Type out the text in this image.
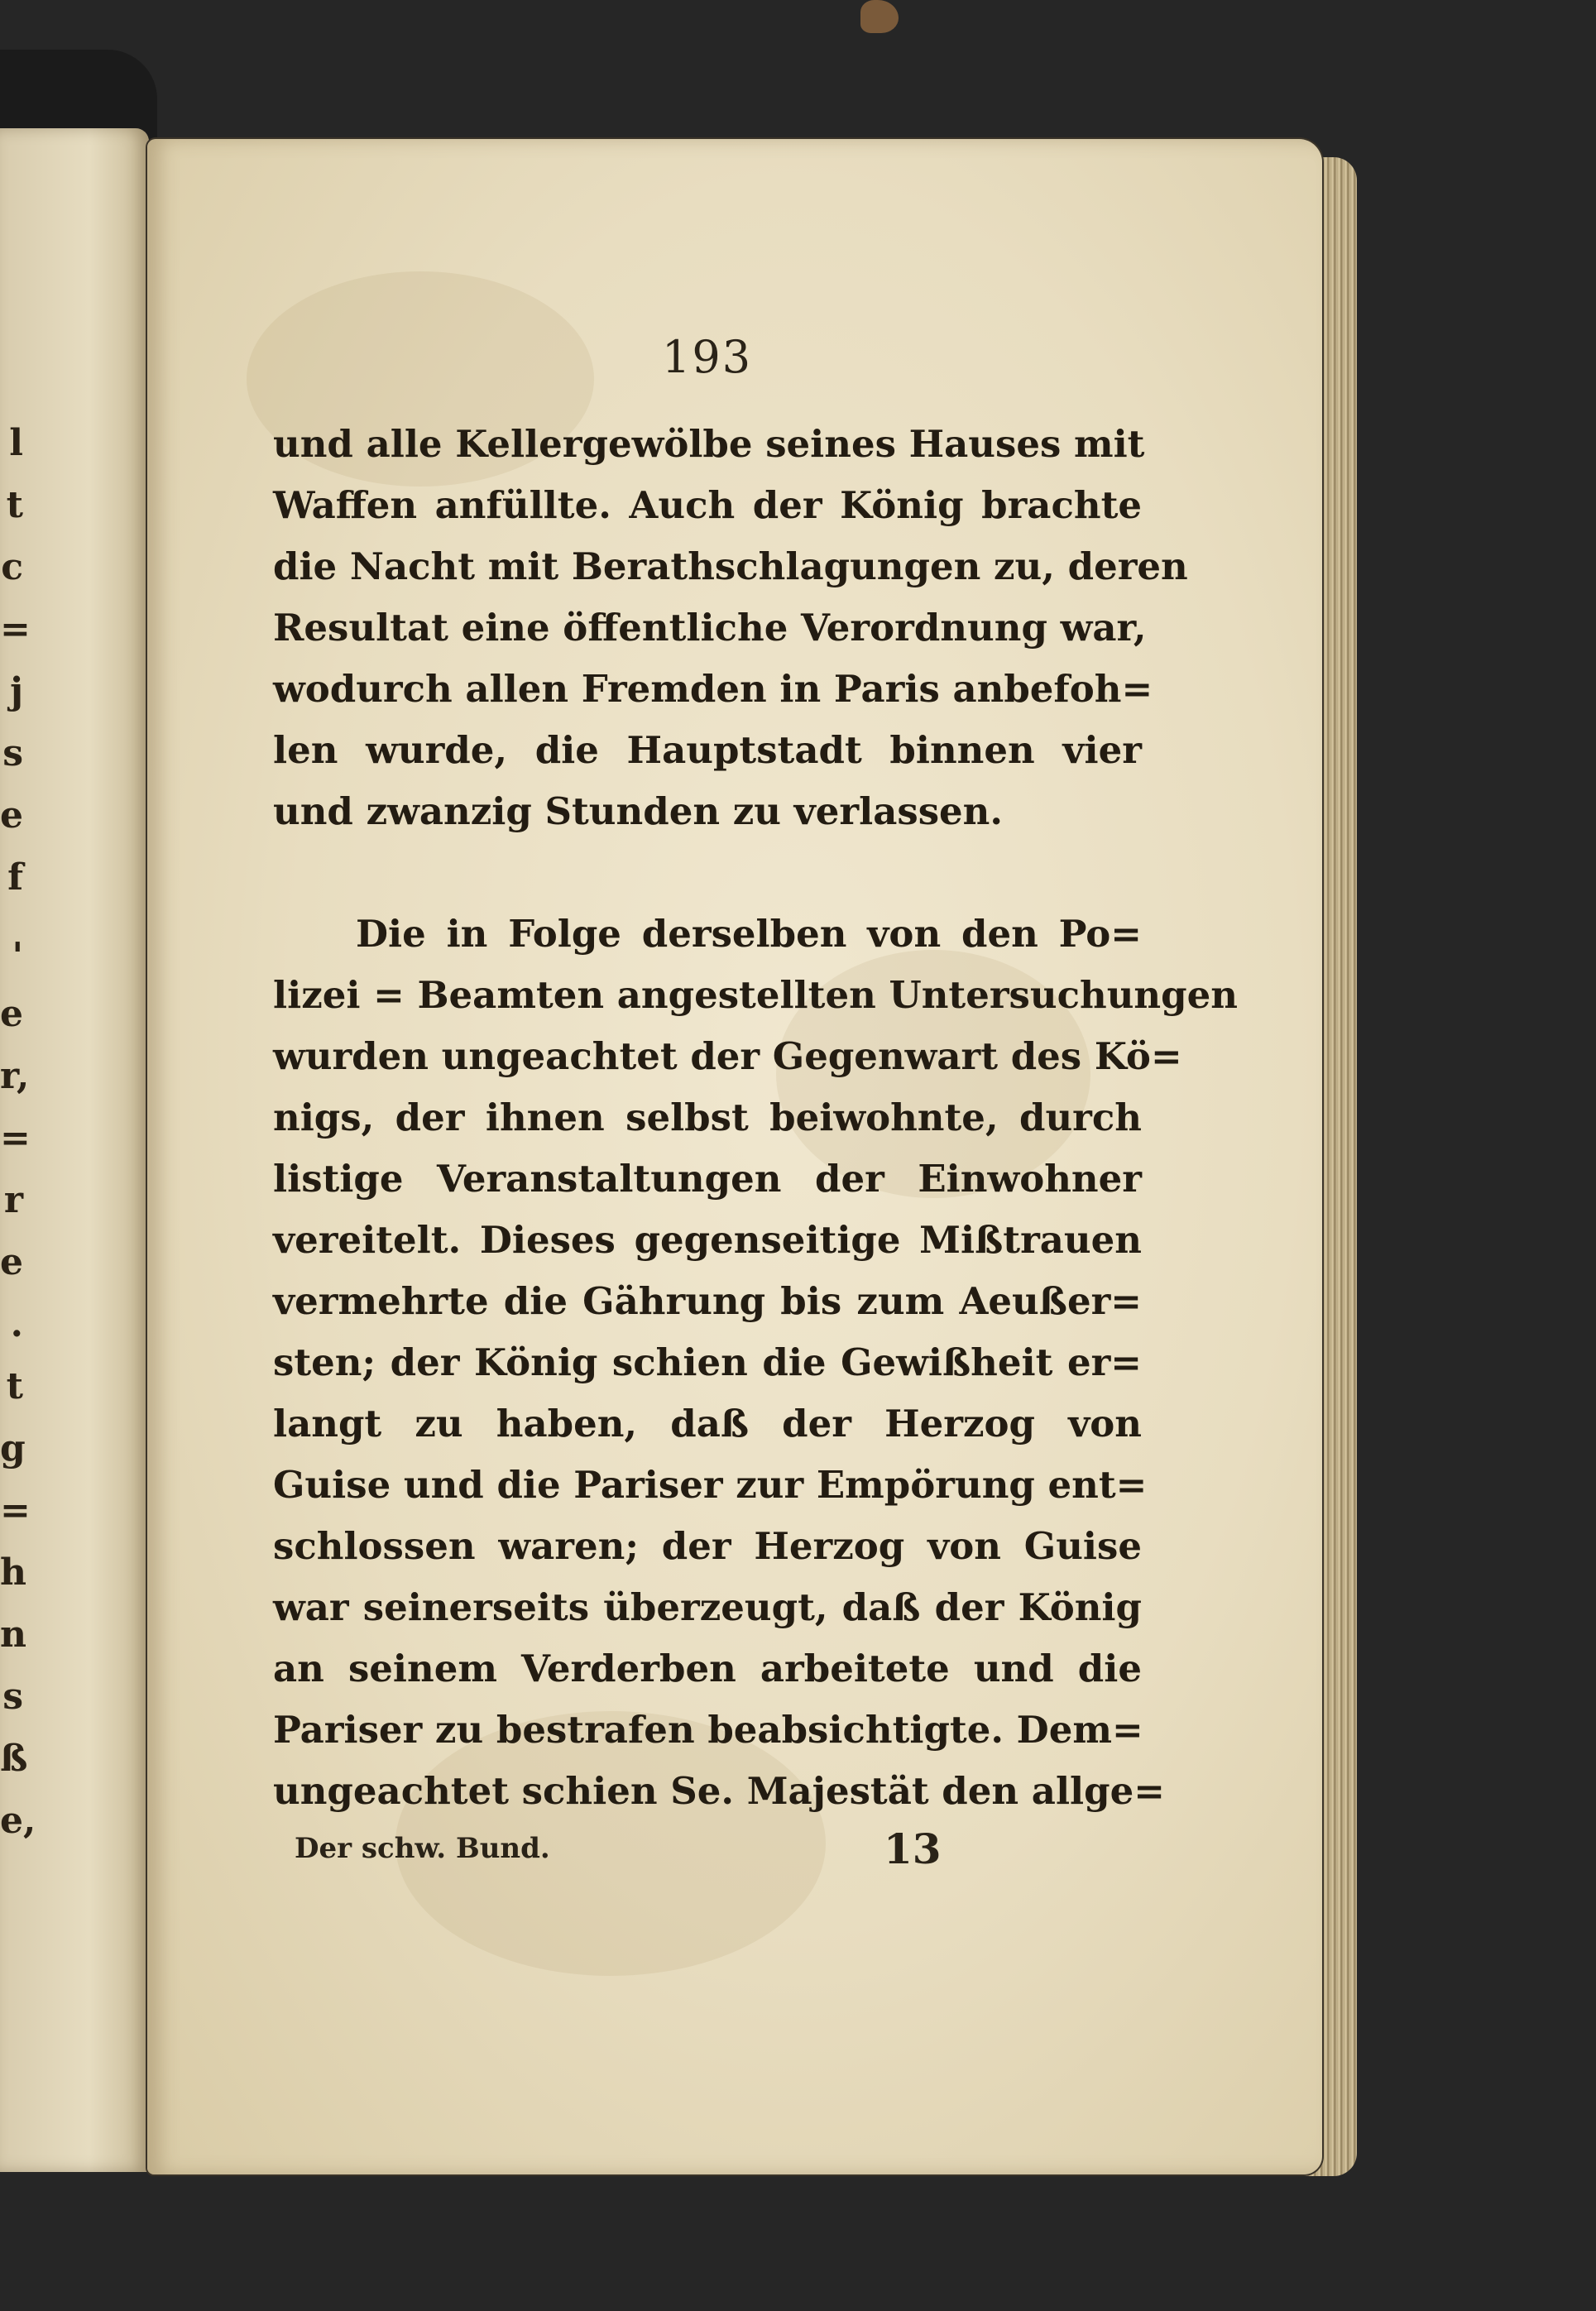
l
t
c
=
j
s
e
f
'
e
r,
=
r
e
.
t
g
=
h
n
s
ß
e,
193
und alle Kellergewölbe seines Hauses mit
Waffen anfüllte. Auch der König brachte
die Nacht mit Berathschlagungen zu, deren
Resultat eine öffentliche Verordnung war,
wodurch allen Fremden in Paris anbefoh=
len wurde, die Hauptstadt binnen vier
und zwanzig Stunden zu verlassen.
Die in Folge derselben von den Po=
lizei = Beamten angestellten Untersuchungen
wurden ungeachtet der Gegenwart des Kö=
nigs, der ihnen selbst beiwohnte, durch
listige Veranstaltungen der Einwohner
vereitelt. Dieses gegenseitige Mißtrauen
vermehrte die Gährung bis zum Aeußer=
sten; der König schien die Gewißheit er=
langt zu haben, daß der Herzog von
Guise und die Pariser zur Empörung ent=
schlossen waren; der Herzog von Guise
war seinerseits überzeugt, daß der König
an seinem Verderben arbeitete und die
Pariser zu bestrafen beabsichtigte. Dem=
ungeachtet schien Se. Majestät den allge=
Der schw. Bund.	13
